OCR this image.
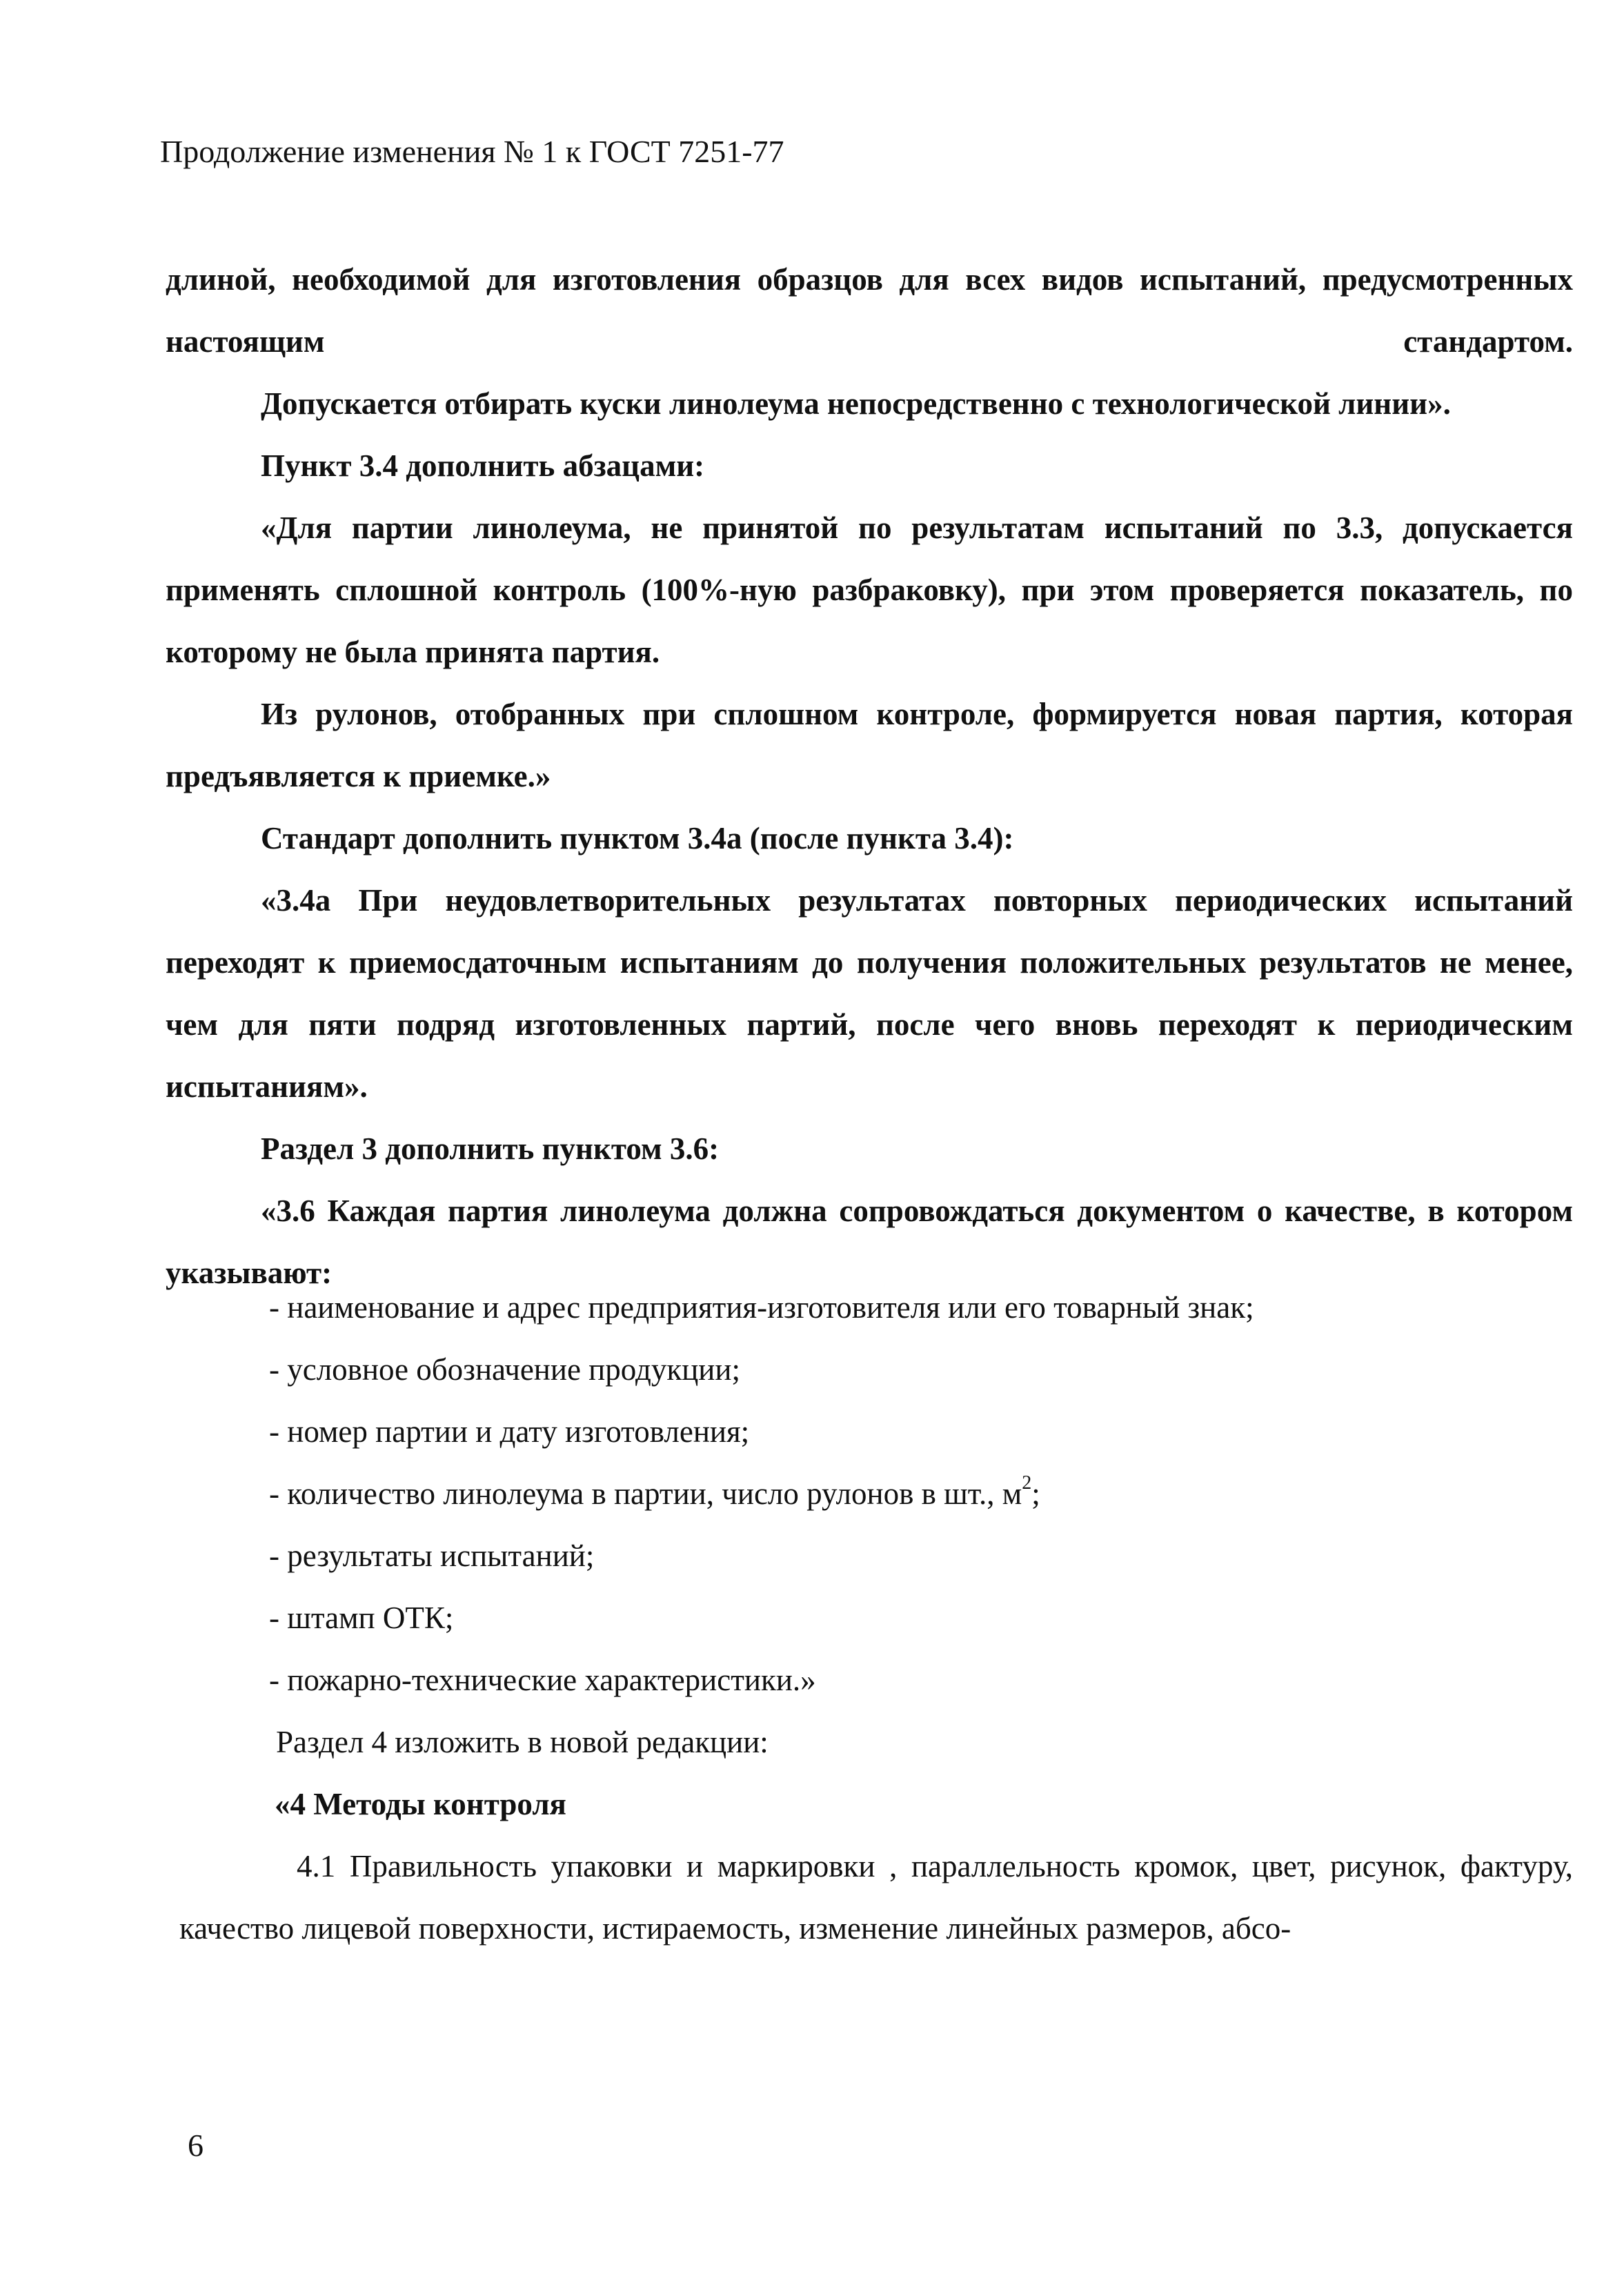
Продолжение изменения № 1 к ГОСТ 7251-77

длиной, необходимой для изготовления образцов для всех видов испытаний, предусмотренных настоящим стандартом.

Допускается отбирать куски линолеума непосредственно с технологической линии».

Пункт 3.4 дополнить абзацами:

«Для партии линолеума, не принятой по результатам испытаний по 3.3, допускается применять сплошной контроль (100%-ную разбраковку), при этом проверяется показатель, по которому не была принята партия.

Из рулонов, отобранных при сплошном контроле, формируется новая партия, которая предъявляется к приемке.»

Стандарт дополнить пунктом 3.4а (после пункта 3.4):

«3.4а При неудовлетворительных результатах повторных периодических испытаний переходят к приемосдаточным испытаниям до получения положительных результатов не менее, чем для пяти подряд изготовленных партий, после чего вновь переходят к периодическим испытаниям».

Раздел 3 дополнить пунктом 3.6:

«3.6 Каждая партия линолеума должна сопровождаться документом о качестве, в котором указывают:

- наименование и адрес предприятия-изготовителя или его товарный знак;

- условное обозначение продукции;

- номер партии и дату изготовления;

- количество линолеума в партии, число рулонов в шт., $м^2$;

- результаты испытаний;

- штамп ОТК;

- пожарно-технические характеристики.»

Раздел 4 изложить в новой редакции:

«4 Методы контроля

4.1 Правильность упаковки и маркировки , параллельность кромок, цвет, рисунок, фактуру, качество лицевой поверхности, истираемость, изменение линейных размеров, абсо-

6
